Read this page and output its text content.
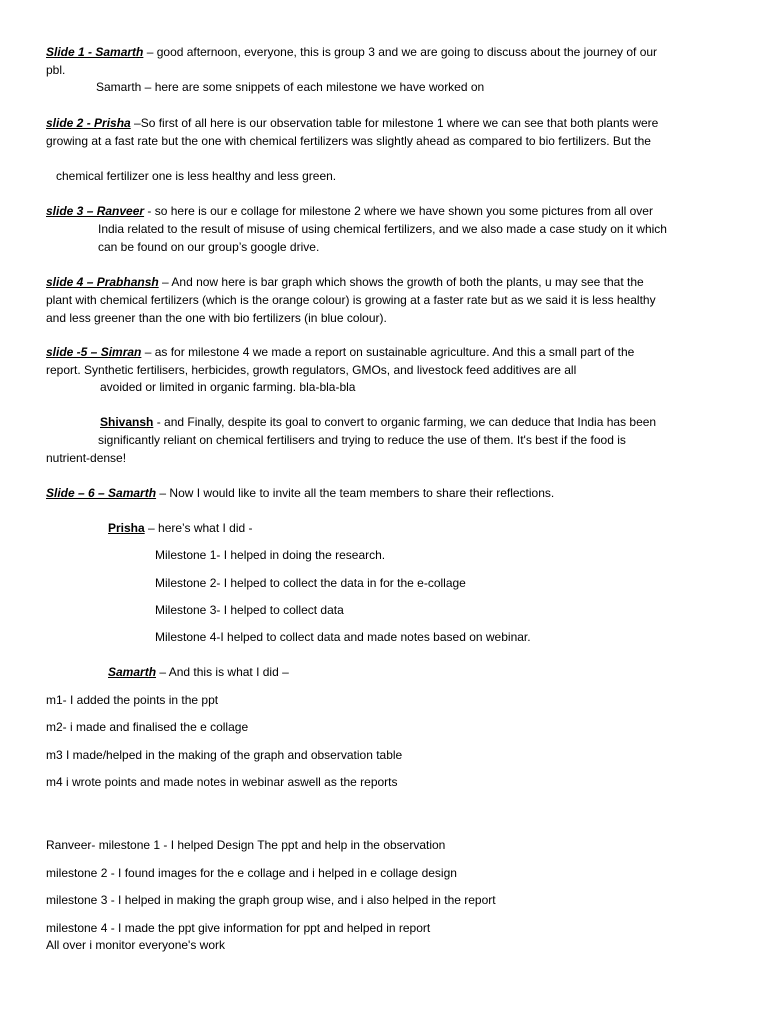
Slide 1 - Samarth – good afternoon, everyone, this is group 3 and we are going to discuss about the journey of our
pbl.
Samarth – here are some snippets of each milestone we have worked on
slide 2 - Prisha –So first of all here is our observation table for milestone 1 where we can see that both plants were
growing at a fast rate but the one with chemical fertilizers was slightly ahead as compared to bio fertilizers. But the
chemical fertilizer one is less healthy and less green.
slide 3 – Ranveer - so here is our e collage for milestone 2 where we have shown you some pictures from all over
India related to the result of misuse of using chemical fertilizers, and we also made a case study on it which
can be found on our group’s google drive.
slide 4 – Prabhansh – And now here is bar graph which shows the growth of both the plants, u may see that the
plant with chemical fertilizers (which is the orange colour) is growing at a faster rate but as we said it is less healthy
and less greener than the one with bio fertilizers (in blue colour).
slide -5 – Simran – as for milestone 4 we made a report on sustainable agriculture. And this a small part of the
report. Synthetic fertilisers, herbicides, growth regulators, GMOs, and livestock feed additives are all
avoided or limited in organic farming. bla-bla-bla
Shivansh - and Finally, despite its goal to convert to organic farming, we can deduce that India has been
significantly reliant on chemical fertilisers and trying to reduce the use of them. It's best if the food is
nutrient-dense!
Slide – 6 – Samarth – Now I would like to invite all the team members to share their reflections.
Prisha – here’s what I did -
Milestone 1- I helped in doing the research.
Milestone 2- I helped to collect the data in for the e-collage
Milestone 3- I helped to collect data
Milestone 4-I helped to collect data and made notes based on webinar.
Samarth – And this is what I did –
m1- I added the points in the ppt
m2- i made and finalised the e collage
m3 I made/helped in the making of the graph and observation table
m4 i wrote points and made notes in webinar aswell as the reports
Ranveer- milestone 1 - I helped Design The ppt and help in the observation
milestone 2 - I found images for the e collage and i helped in e collage design
milestone 3 - I helped in making the graph group wise, and i also helped in the report
milestone 4 - I made the ppt give information for ppt and helped in report
All over i monitor everyone's work
